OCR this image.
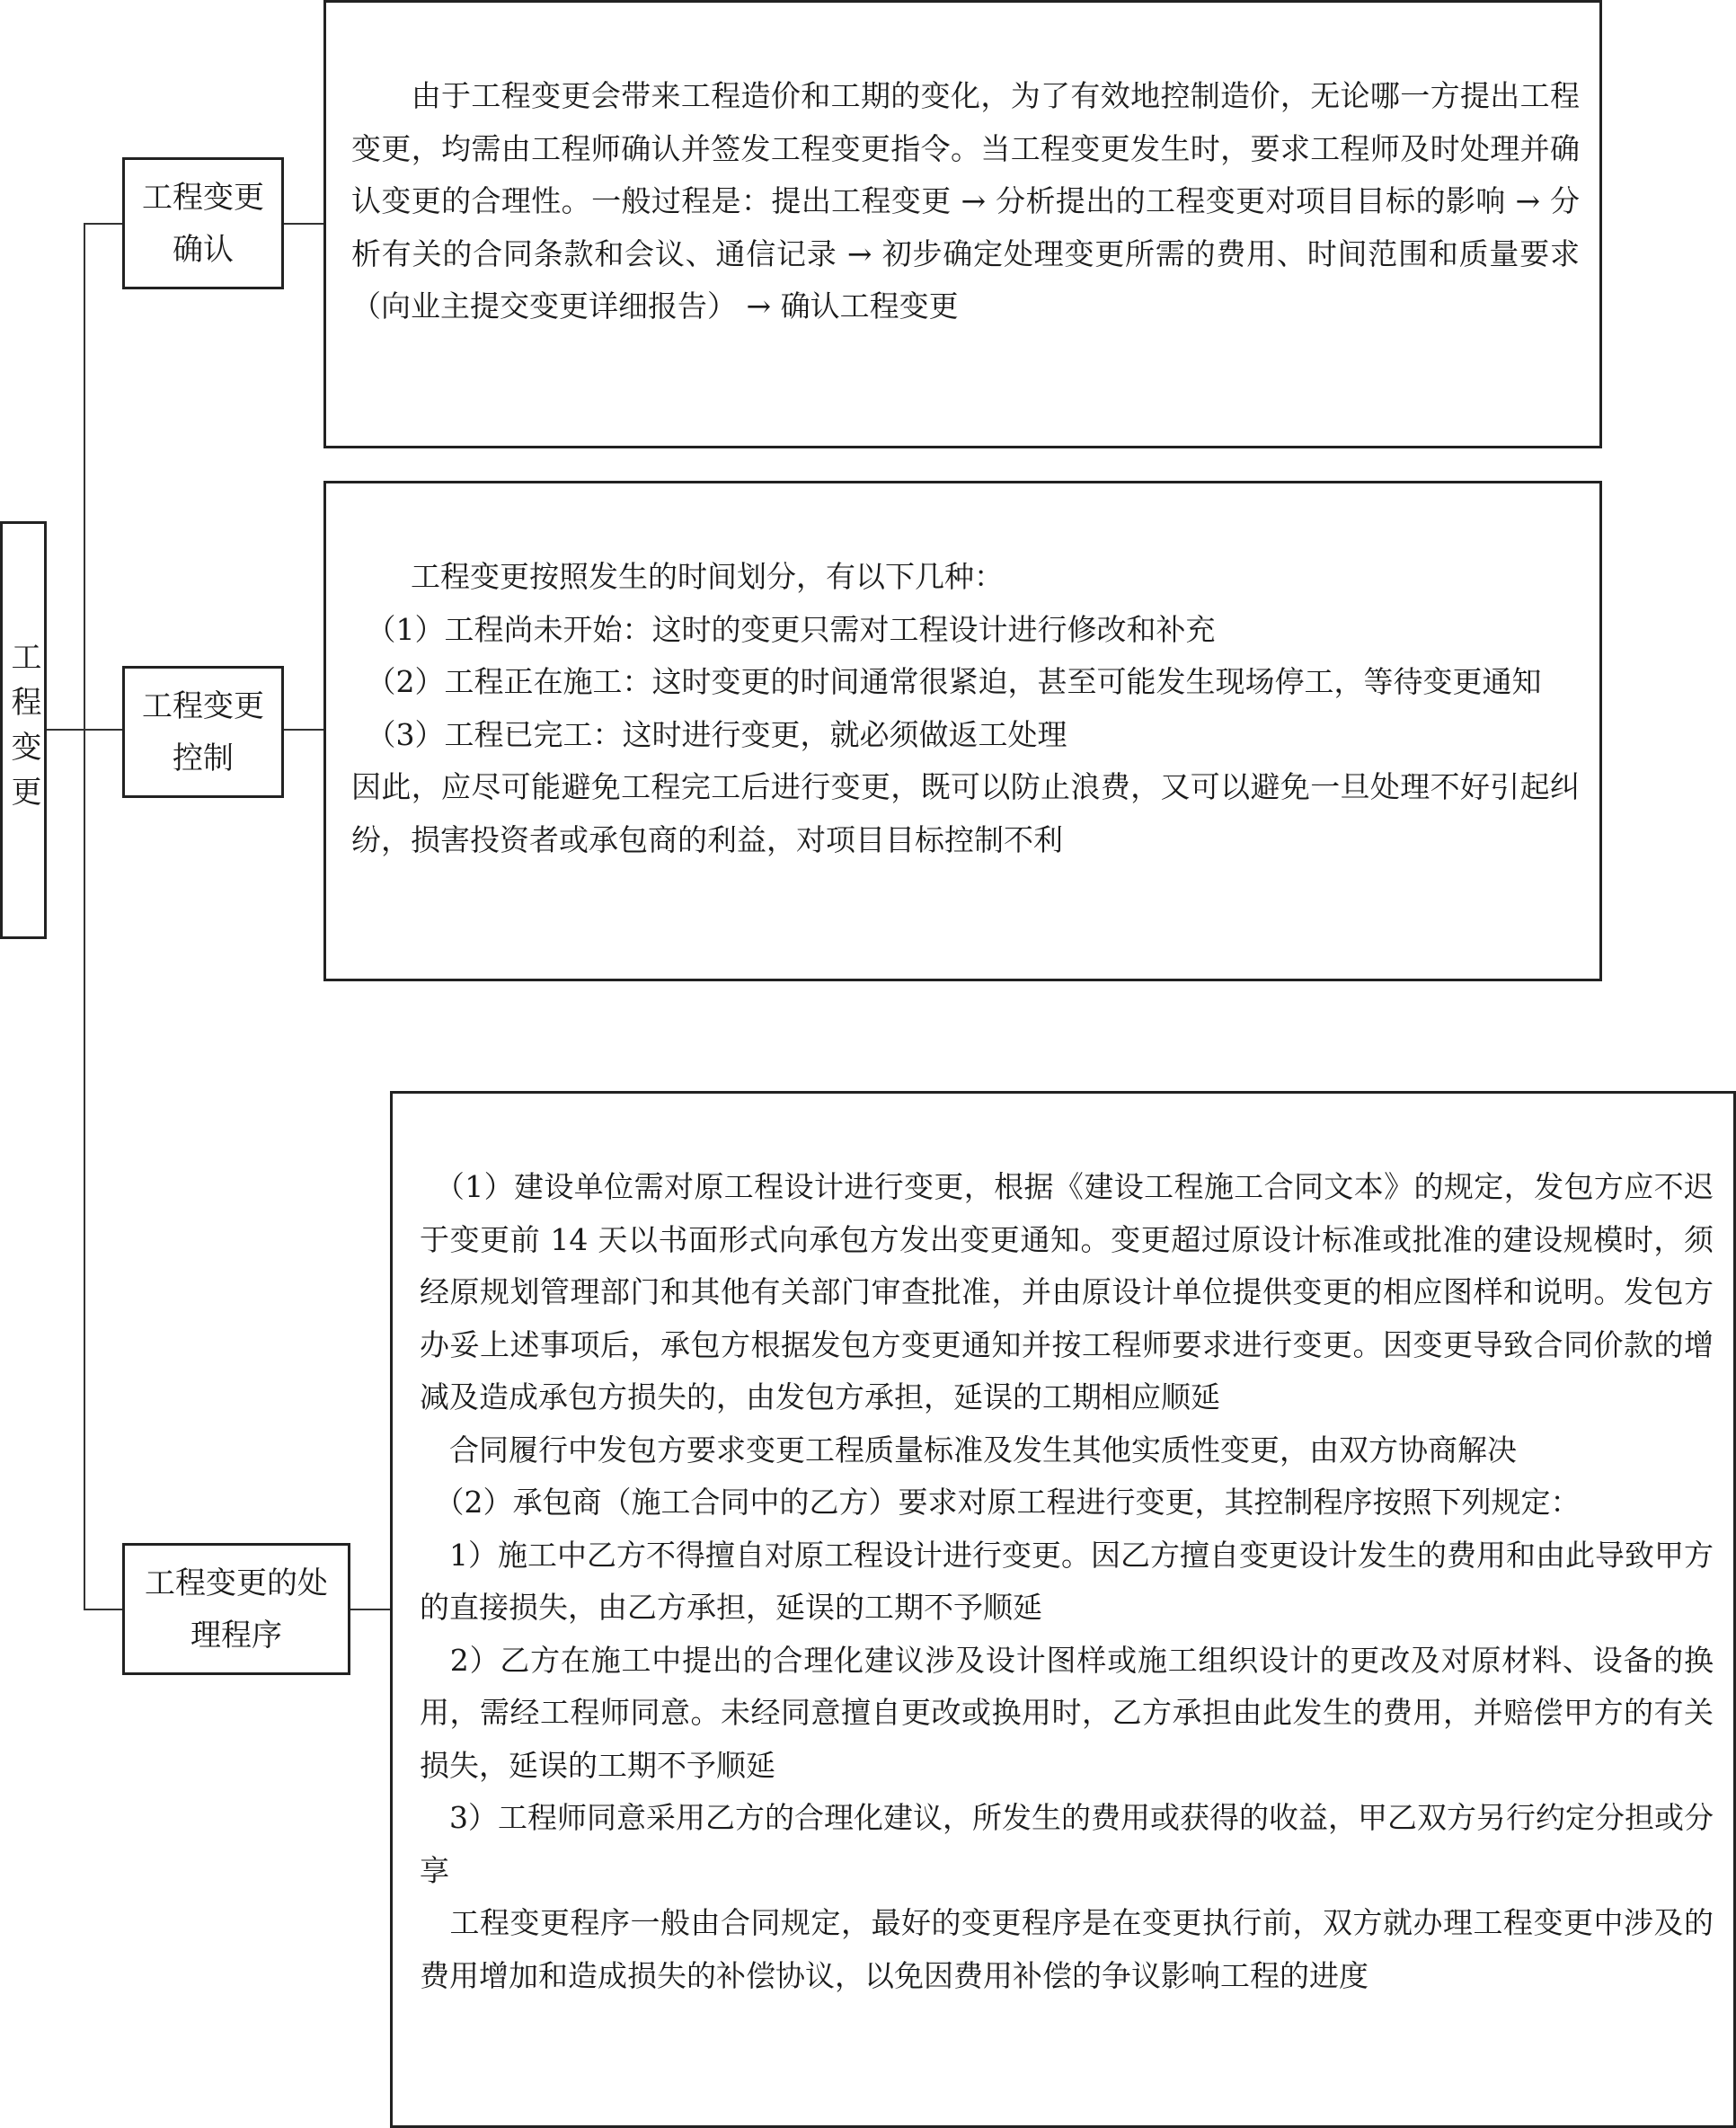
工程变更
工程变更确认

　　由于工程变更会带来工程造价和工期的变化，为了有效地控制造价，无论哪一方提出工程变更，均需由工程师确认并签发工程变更指令。当工程变更发生时，要求工程师及时处理并确认变更的合理性。一般过程是：提出工程变更 → 分析提出的工程变更对项目目标的影响 → 分析有关的合同条款和会议、通信记录 → 初步确定处理变更所需的费用、时间范围和质量要求（向业主提交变更详细报告） → 确认工程变更

工程变更控制

　　工程变更按照发生的时间划分，有以下几种：

　（1）工程尚未开始：这时的变更只需对工程设计进行修改和补充

　（2）工程正在施工：这时变更的时间通常很紧迫，甚至可能发生现场停工，等待变更通知

　（3）工程已完工：这时进行变更，就必须做返工处理

因此，应尽可能避免工程完工后进行变更，既可以防止浪费，又可以避免一旦处理不好引起纠纷，损害投资者或承包商的利益，对项目目标控制不利

工程变更的处理程序

　（1）建设单位需对原工程设计进行变更，根据《建设工程施工合同文本》的规定，发包方应不迟于变更前 14 天以书面形式向承包方发出变更通知。变更超过原设计标准或批准的建设规模时，须经原规划管理部门和其他有关部门审查批准，并由原设计单位提供变更的相应图样和说明。发包方办妥上述事项后，承包方根据发包方变更通知并按工程师要求进行变更。因变更导致合同价款的增减及造成承包方损失的，由发包方承担，延误的工期相应顺延

　合同履行中发包方要求变更工程质量标准及发生其他实质性变更，由双方协商解决

　（2）承包商（施工合同中的乙方）要求对原工程进行变更，其控制程序按照下列规定：

　1）施工中乙方不得擅自对原工程设计进行变更。因乙方擅自变更设计发生的费用和由此导致甲方的直接损失，由乙方承担，延误的工期不予顺延

　2）乙方在施工中提出的合理化建议涉及设计图样或施工组织设计的更改及对原材料、设备的换用，需经工程师同意。未经同意擅自更改或换用时，乙方承担由此发生的费用，并赔偿甲方的有关损失，延误的工期不予顺延

　3）工程师同意采用乙方的合理化建议，所发生的费用或获得的收益，甲乙双方另行约定分担或分享

　工程变更程序一般由合同规定，最好的变更程序是在变更执行前，双方就办理工程变更中涉及的费用增加和造成损失的补偿协议，以免因费用补偿的争议影响工程的进度
